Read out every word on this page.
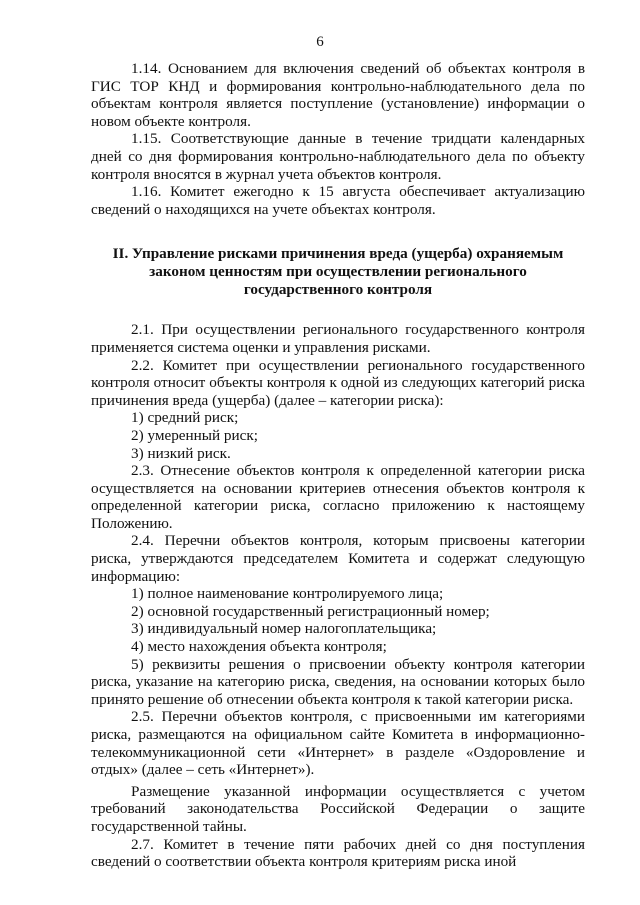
6

1.14. Основанием для включения сведений об объектах контроля в ГИС ТОР КНД и формирования контрольно-наблюдательного дела по объектам контроля является поступление (установление) информации о новом объекте контроля.

1.15. Соответствующие данные в течение тридцати календарных дней со дня формирования контрольно-наблюдательного дела по объекту контроля вносятся в журнал учета объектов контроля.

1.16. Комитет ежегодно к 15 августа обеспечивает актуализацию сведений о находящихся на учете объектах контроля.

II. Управление рисками причинения вреда (ущерба) охраняемым законом ценностям при осуществлении регионального государственного контроля

2.1. При осуществлении регионального государственного контроля применяется система оценки и управления рисками.

2.2. Комитет при осуществлении регионального государственного контроля относит объекты контроля к одной из следующих категорий риска причинения вреда (ущерба) (далее – категории риска):

1) средний риск;

2) умеренный риск;

3) низкий риск.

2.3. Отнесение объектов контроля к определенной категории риска осуществляется на основании критериев отнесения объектов контроля к определенной категории риска, согласно приложению к настоящему Положению.

2.4. Перечни объектов контроля, которым присвоены категории риска, утверждаются председателем Комитета и содержат следующую информацию:

1) полное наименование контролируемого лица;

2) основной государственный регистрационный номер;

3) индивидуальный номер налогоплательщика;

4) место нахождения объекта контроля;

5) реквизиты решения о присвоении объекту контроля категории риска, указание на категорию риска, сведения, на основании которых было принято решение об отнесении объекта контроля к такой категории риска.

2.5. Перечни объектов контроля, с присвоенными им категориями риска, размещаются на официальном сайте Комитета в информационно-телекоммуникационной сети «Интернет» в разделе «Оздоровление и отдых» (далее – сеть «Интернет»).

Размещение указанной информации осуществляется с учетом требований законодательства Российской Федерации о защите государственной тайны.

2.7. Комитет в течение пяти рабочих дней со дня поступления сведений о соответствии объекта контроля критериям риска иной
